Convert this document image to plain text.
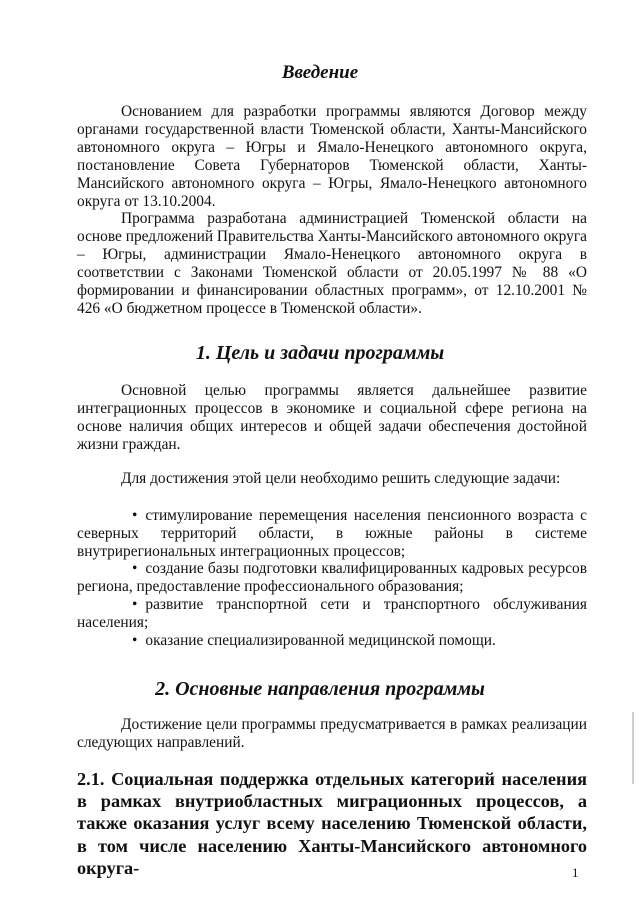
Введение

Основанием для разработки программы являются Договор между органами государственной власти Тюменской области, Ханты-Мансийского автономного округа – Югры и Ямало-Ненецкого автономного округа, постановление Совета Губернаторов Тюменской области, Ханты-Мансийского автономного округа – Югры, Ямало-Ненецкого автономного округа от 13.10.2004.

Программа разработана администрацией Тюменской области на основе предложений Правительства Ханты-Мансийского автономного округа – Югры, администрации Ямало-Ненецкого автономного округа в соответствии с Законами Тюменской области от 20.05.1997 № 88 «О формировании и финансировании областных программ», от 12.10.2001 № 426 «О бюджетном процессе в Тюменской области».

1. Цель и задачи программы

Основной целью программы является дальнейшее развитие интеграционных процессов в экономике и социальной сфере региона на основе наличия общих интересов и общей задачи обеспечения достойной жизни граждан.

Для достижения этой цели необходимо решить следующие задачи:

• стимулирование перемещения населения пенсионного возраста с северных территорий области, в южные районы в системе внутрирегиональных интеграционных процессов;

• создание базы подготовки квалифицированных кадровых ресурсов региона, предоставление профессионального образования;

• развитие транспортной сети и транспортного обслуживания населения;

• оказание специализированной медицинской помощи.

2. Основные направления программы

Достижение цели программы предусматривается в рамках реализации следующих направлений.

2.1. Социальная поддержка отдельных категорий населения в рамках внутриобластных миграционных процессов, а также оказания услуг всему населению Тюменской области, в том числе населению Ханты-Мансийского автономного округа-	1
